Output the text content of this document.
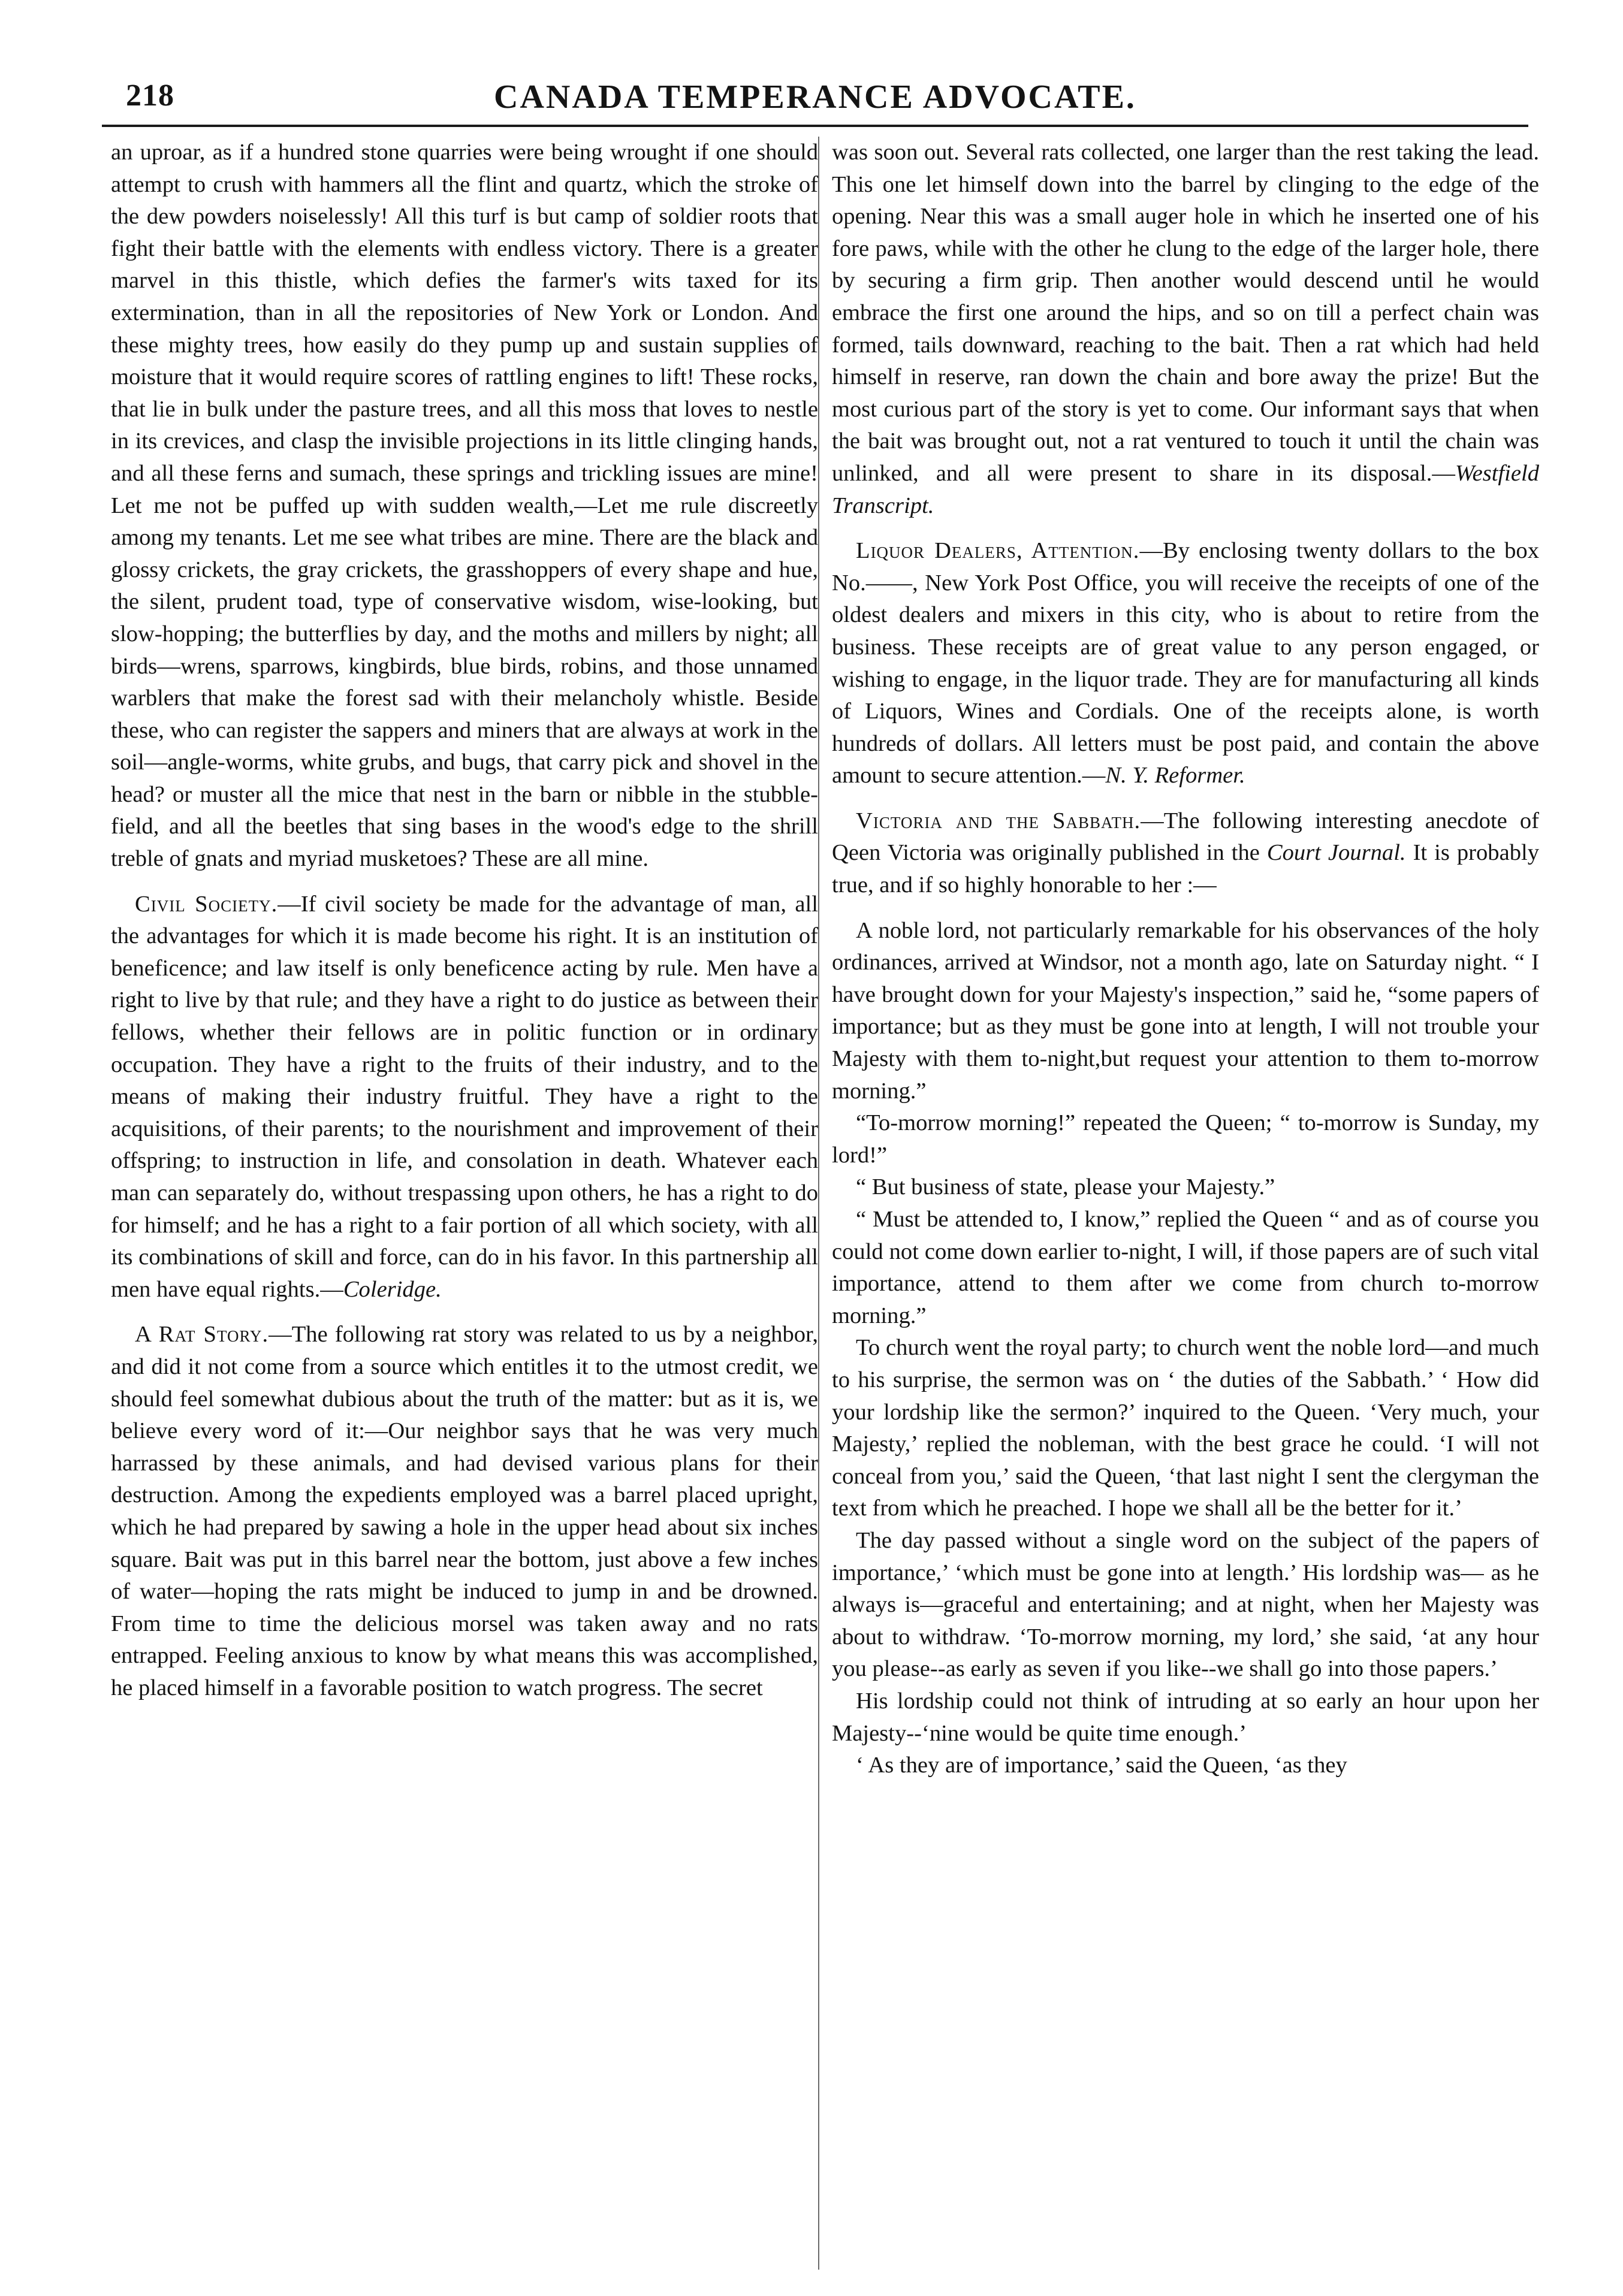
218	CANADA TEMPERANCE ADVOCATE.

an uproar, as if a hundred stone quarries were being wrought if one should attempt to crush with hammers all the flint and quartz, which the stroke of the dew powders noiselessly! All this turf is but camp of soldier roots that fight their battle with the elements with endless victory. There is a greater marvel in this thistle, which defies the farmer's wits taxed for its extermination, than in all the repositories of New York or London. And these mighty trees, how easily do they pump up and sustain supplies of moisture that it would require scores of rattling engines to lift! These rocks, that lie in bulk under the pasture trees, and all this moss that loves to nestle in its crevices, and clasp the invisible projections in its little clinging hands, and all these ferns and sumach, these springs and trickling issues are mine! Let me not be puffed up with sudden wealth,—Let me rule discreetly among my tenants. Let me see what tribes are mine. There are the black and glossy crickets, the gray crickets, the grasshoppers of every shape and hue, the silent, prudent toad, type of conservative wisdom, wise-looking, but slow-hopping; the butterflies by day, and the moths and millers by night; all birds—wrens, sparrows, kingbirds, blue birds, robins, and those unnamed warblers that make the forest sad with their melancholy whistle. Beside these, who can register the sappers and miners that are always at work in the soil—angle-worms, white grubs, and bugs, that carry pick and shovel in the head? or muster all the mice that nest in the barn or nibble in the stubble-field, and all the beetles that sing bases in the wood's edge to the shrill treble of gnats and myriad musketoes? These are all mine.

Civil Society.—If civil society be made for the advantage of man, all the advantages for which it is made become his right. It is an institution of beneficence; and law itself is only beneficence acting by rule. Men have a right to live by that rule; and they have a right to do justice as between their fellows, whether their fellows are in politic function or in ordinary occupation. They have a right to the fruits of their industry, and to the means of making their industry fruitful. They have a right to the acquisitions, of their parents; to the nourishment and improvement of their offspring; to instruction in life, and consolation in death. Whatever each man can separately do, without trespassing upon others, he has a right to do for himself; and he has a right to a fair portion of all which society, with all its combinations of skill and force, can do in his favor. In this partnership all men have equal rights.—Coleridge.

A Rat Story.—The following rat story was related to us by a neighbor, and did it not come from a source which entitles it to the utmost credit, we should feel somewhat dubious about the truth of the matter: but as it is, we believe every word of it:—Our neighbor says that he was very much harrassed by these animals, and had devised various plans for their destruction. Among the expedients employed was a barrel placed upright, which he had prepared by sawing a hole in the upper head about six inches square. Bait was put in this barrel near the bottom, just above a few inches of water—hoping the rats might be induced to jump in and be drowned. From time to time the delicious morsel was taken away and no rats entrapped. Feeling anxious to know by what means this was accomplished, he placed himself in a favorable position to watch progress. The secret

was soon out. Several rats collected, one larger than the rest taking the lead. This one let himself down into the barrel by clinging to the edge of the opening. Near this was a small auger hole in which he inserted one of his fore paws, while with the other he clung to the edge of the larger hole, there by securing a firm grip. Then another would descend until he would embrace the first one around the hips, and so on till a perfect chain was formed, tails downward, reaching to the bait. Then a rat which had held himself in reserve, ran down the chain and bore away the prize! But the most curious part of the story is yet to come. Our informant says that when the bait was brought out, not a rat ventured to touch it until the chain was unlinked, and all were present to share in its disposal.—Westfield Transcript.

Liquor Dealers, Attention.—By enclosing twenty dollars to the box No.——, New York Post Office, you will receive the receipts of one of the oldest dealers and mixers in this city, who is about to retire from the business. These receipts are of great value to any person engaged, or wishing to engage, in the liquor trade. They are for manufacturing all kinds of Liquors, Wines and Cordials. One of the receipts alone, is worth hundreds of dollars. All letters must be post paid, and contain the above amount to secure attention.—N. Y. Reformer.

Victoria and the Sabbath.—The following interesting anecdote of Qeen Victoria was originally published in the Court Journal. It is probably true, and if so highly honorable to her :—

A noble lord, not particularly remarkable for his observances of the holy ordinances, arrived at Windsor, not a month ago, late on Saturday night. “ I have brought down for your Majesty's inspection,” said he, “some papers of importance; but as they must be gone into at length, I will not trouble your Majesty with them to-night,but request your attention to them to-morrow morning.”

“To-morrow morning!” repeated the Queen; “ to-morrow is Sunday, my lord!”

“ But business of state, please your Majesty.”

“ Must be attended to, I know,” replied the Queen “ and as of course you could not come down earlier to-night, I will, if those papers are of such vital importance, attend to them after we come from church to-morrow morning.”

To church went the royal party; to church went the noble lord—and much to his surprise, the sermon was on ‘ the duties of the Sabbath.’ ‘ How did your lordship like the sermon?’ inquired to the Queen. ‘Very much, your Majesty,’ replied the nobleman, with the best grace he could. ‘I will not conceal from you,’ said the Queen, ‘that last night I sent the clergyman the text from which he preached. I hope we shall all be the better for it.’

The day passed without a single word on the subject of the papers of importance,’ ‘which must be gone into at length.’ His lordship was— as he always is—graceful and entertaining; and at night, when her Majesty was about to withdraw. ‘To-morrow morning, my lord,’ she said, ‘at any hour you please--as early as seven if you like--we shall go into those papers.’

His lordship could not think of intruding at so early an hour upon her Majesty--‘nine would be quite time enough.’

‘ As they are of importance,’ said the Queen, ‘as they
